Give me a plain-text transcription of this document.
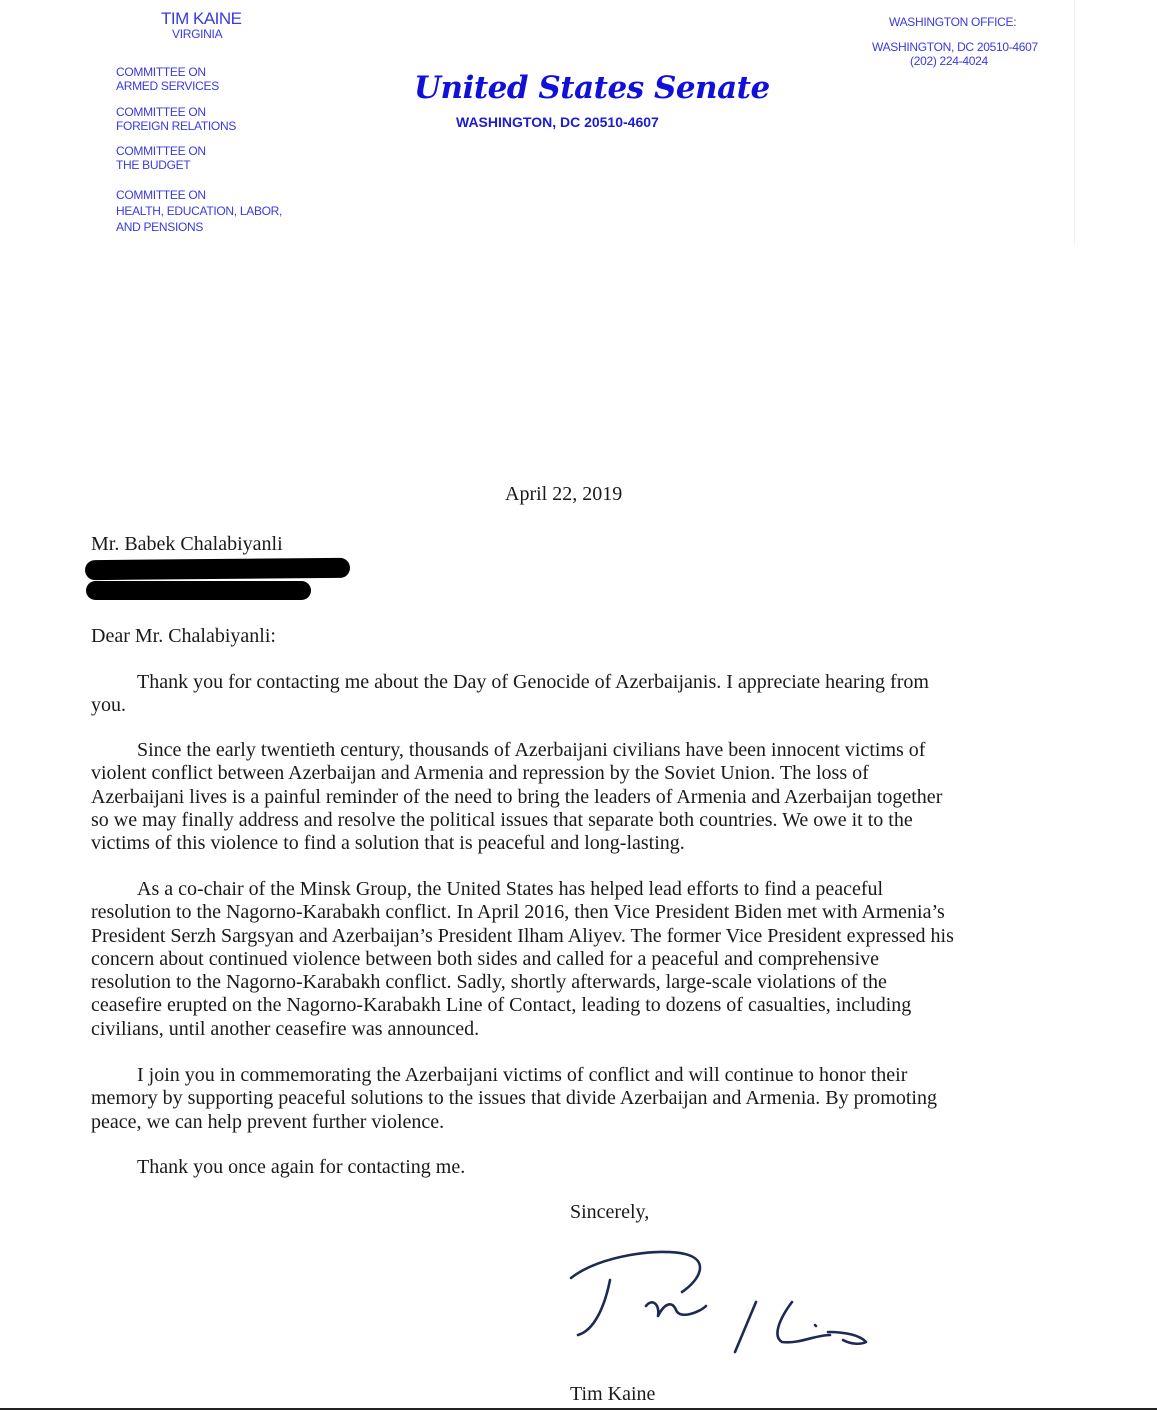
TIM KAINE
VIRGINIA
COMMITTEE ON
ARMED SERVICES
COMMITTEE ON
FOREIGN RELATIONS
COMMITTEE ON
THE BUDGET
COMMITTEE ON
HEALTH, EDUCATION, LABOR,
AND PENSIONS
United States Senate
WASHINGTON, DC 20510-4607
WASHINGTON OFFICE:
WASHINGTON, DC 20510-4607
(202) 224-4024
April 22, 2019
Mr. Babek Chalabiyanli
Dear Mr. Chalabiyanli:
Thank you for contacting me about the Day of Genocide of Azerbaijanis. I appreciate hearing from
you.
Since the early twentieth century, thousands of Azerbaijani civilians have been innocent victims of
violent conflict between Azerbaijan and Armenia and repression by the Soviet Union. The loss of
Azerbaijani lives is a painful reminder of the need to bring the leaders of Armenia and Azerbaijan together
so we may finally address and resolve the political issues that separate both countries. We owe it to the
victims of this violence to find a solution that is peaceful and long-lasting.
As a co-chair of the Minsk Group, the United States has helped lead efforts to find a peaceful
resolution to the Nagorno-Karabakh conflict. In April 2016, then Vice President Biden met with Armenia’s
President Serzh Sargsyan and Azerbaijan’s President Ilham Aliyev. The former Vice President expressed his
concern about continued violence between both sides and called for a peaceful and comprehensive
resolution to the Nagorno-Karabakh conflict. Sadly, shortly afterwards, large-scale violations of the
ceasefire erupted on the Nagorno-Karabakh Line of Contact, leading to dozens of casualties, including
civilians, until another ceasefire was announced.
I join you in commemorating the Azerbaijani victims of conflict and will continue to honor their
memory by supporting peaceful solutions to the issues that divide Azerbaijan and Armenia. By promoting
peace, we can help prevent further violence.
Thank you once again for contacting me.
Sincerely,
Tim Kaine
